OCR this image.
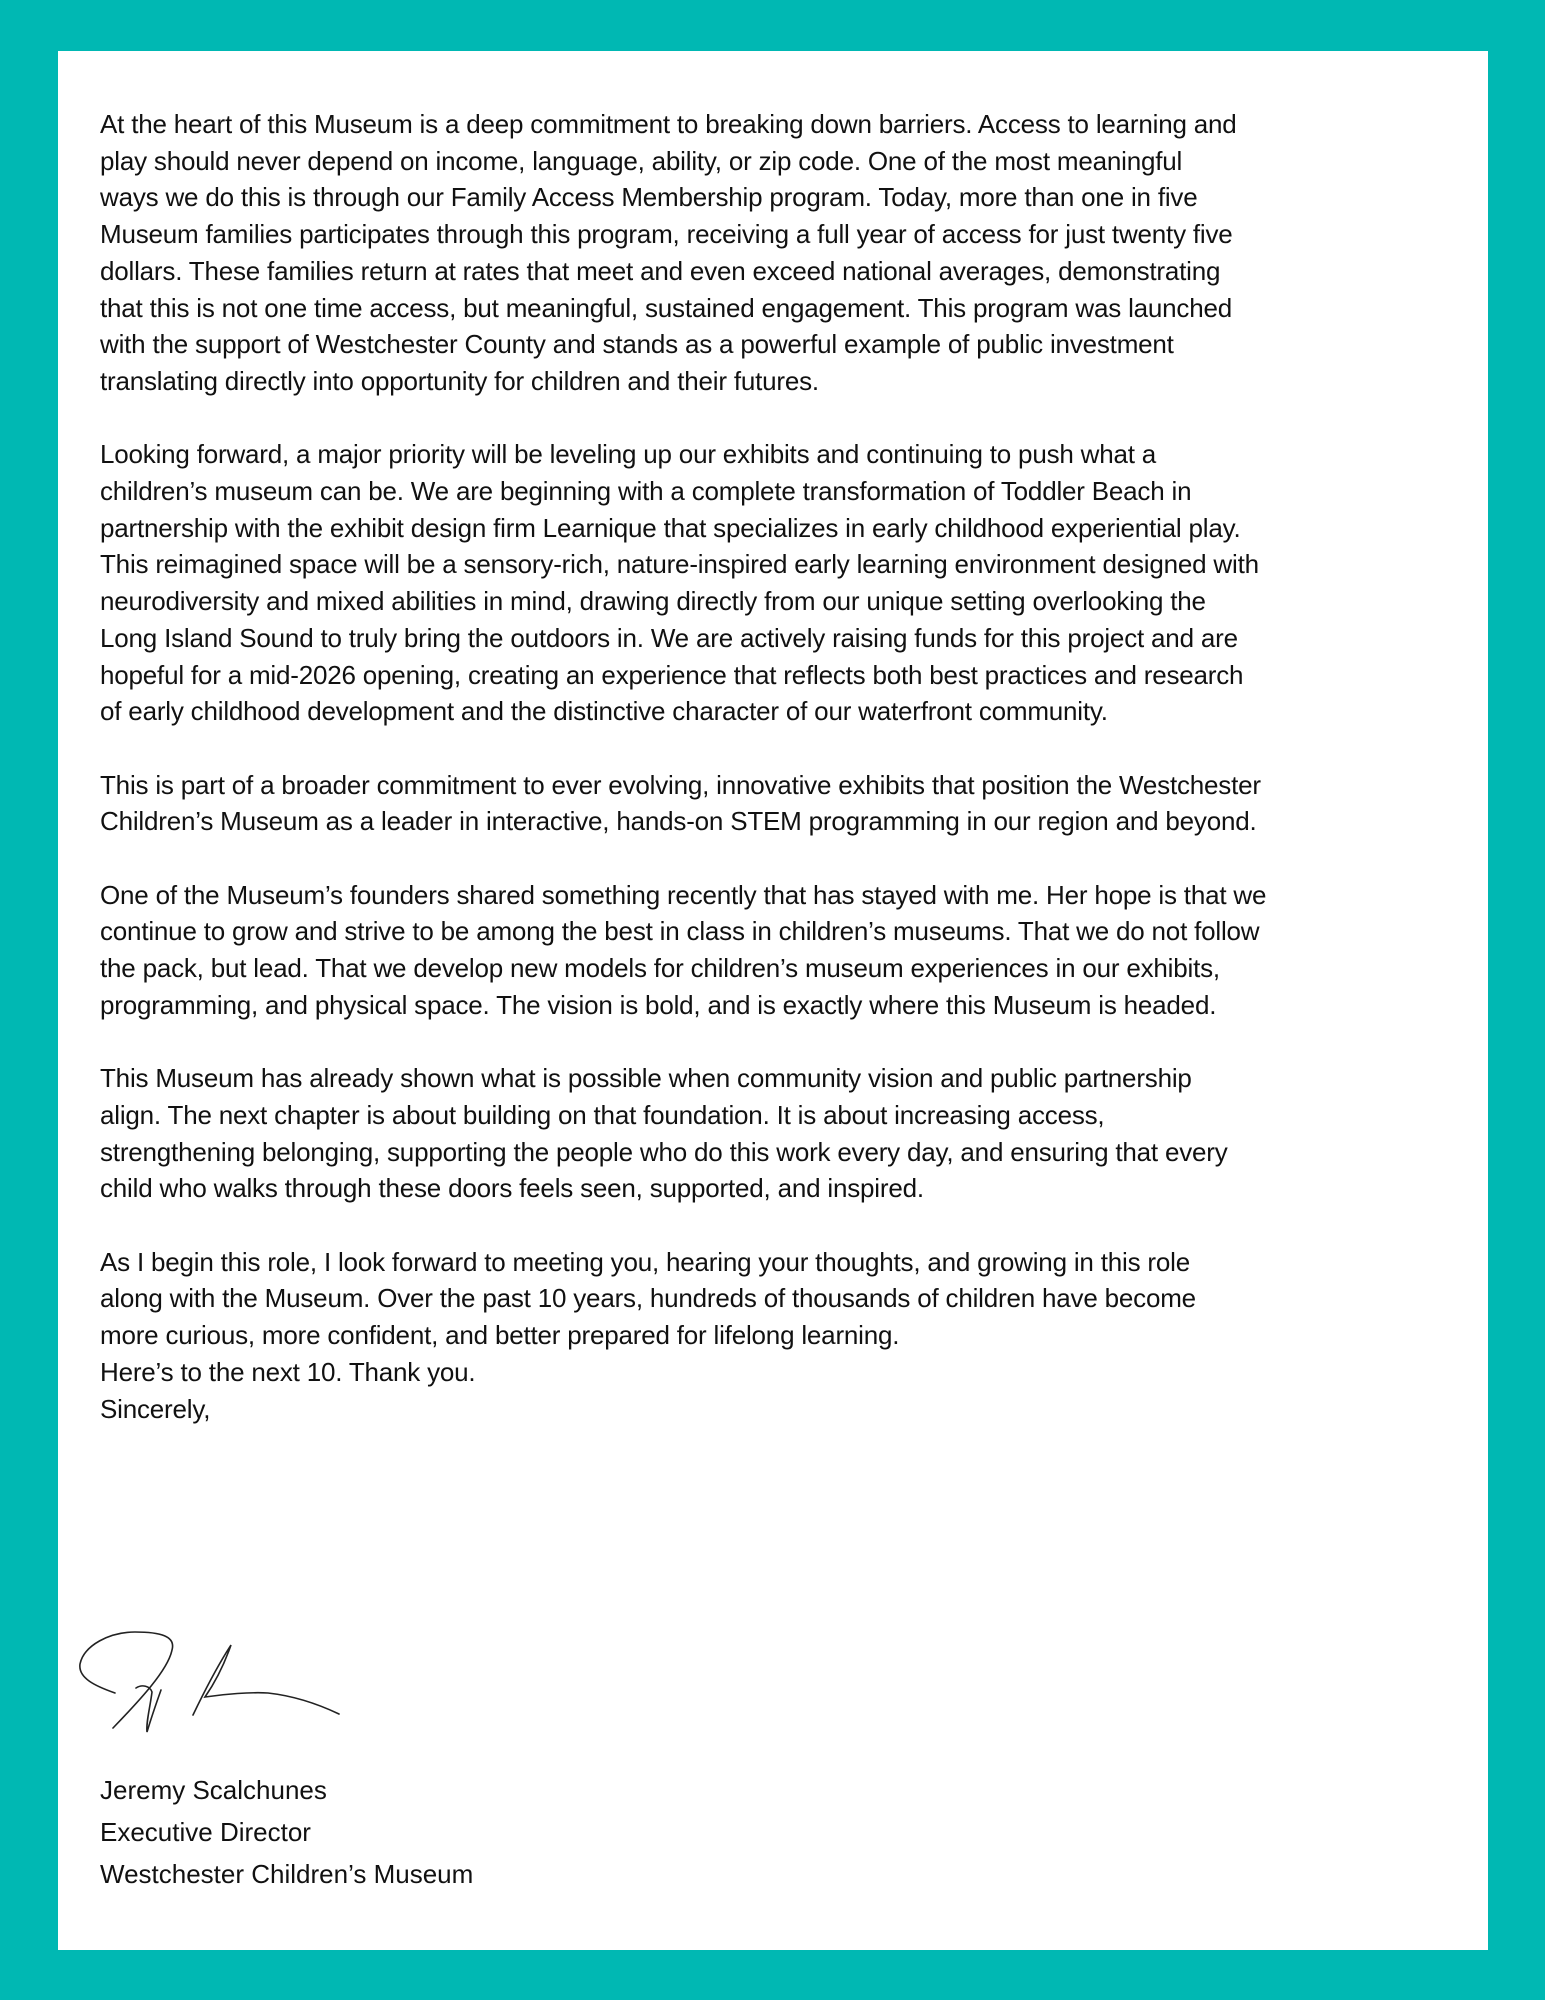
At the heart of this Museum is a deep commitment to breaking down barriers. Access to learning and
play should never depend on income, language, ability, or zip code. One of the most meaningful
ways we do this is through our Family Access Membership program. Today, more than one in five
Museum families participates through this program, receiving a full year of access for just twenty five
dollars. These families return at rates that meet and even exceed national averages, demonstrating
that this is not one time access, but meaningful, sustained engagement. This program was launched
with the support of Westchester County and stands as a powerful example of public investment
translating directly into opportunity for children and their futures.
Looking forward, a major priority will be leveling up our exhibits and continuing to push what a
children’s museum can be. We are beginning with a complete transformation of Toddler Beach in
partnership with the exhibit design firm Learnique that specializes in early childhood experiential play.
This reimagined space will be a sensory-rich, nature-inspired early learning environment designed with
neurodiversity and mixed abilities in mind, drawing directly from our unique setting overlooking the
Long Island Sound to truly bring the outdoors in. We are actively raising funds for this project and are
hopeful for a mid-2026 opening, creating an experience that reflects both best practices and research
of early childhood development and the distinctive character of our waterfront community.
This is part of a broader commitment to ever evolving, innovative exhibits that position the Westchester
Children’s Museum as a leader in interactive, hands-on STEM programming in our region and beyond.
One of the Museum’s founders shared something recently that has stayed with me. Her hope is that we
continue to grow and strive to be among the best in class in children’s museums. That we do not follow
the pack, but lead. That we develop new models for children’s museum experiences in our exhibits,
programming, and physical space. The vision is bold, and is exactly where this Museum is headed.
This Museum has already shown what is possible when community vision and public partnership
align. The next chapter is about building on that foundation. It is about increasing access,
strengthening belonging, supporting the people who do this work every day, and ensuring that every
child who walks through these doors feels seen, supported, and inspired.
As I begin this role, I look forward to meeting you, hearing your thoughts, and growing in this role
along with the Museum. Over the past 10 years, hundreds of thousands of children have become
more curious, more confident, and better prepared for lifelong learning.
Here’s to the next 10. Thank you.
Sincerely,
Jeremy Scalchunes
Executive Director
Westchester Children’s Museum
